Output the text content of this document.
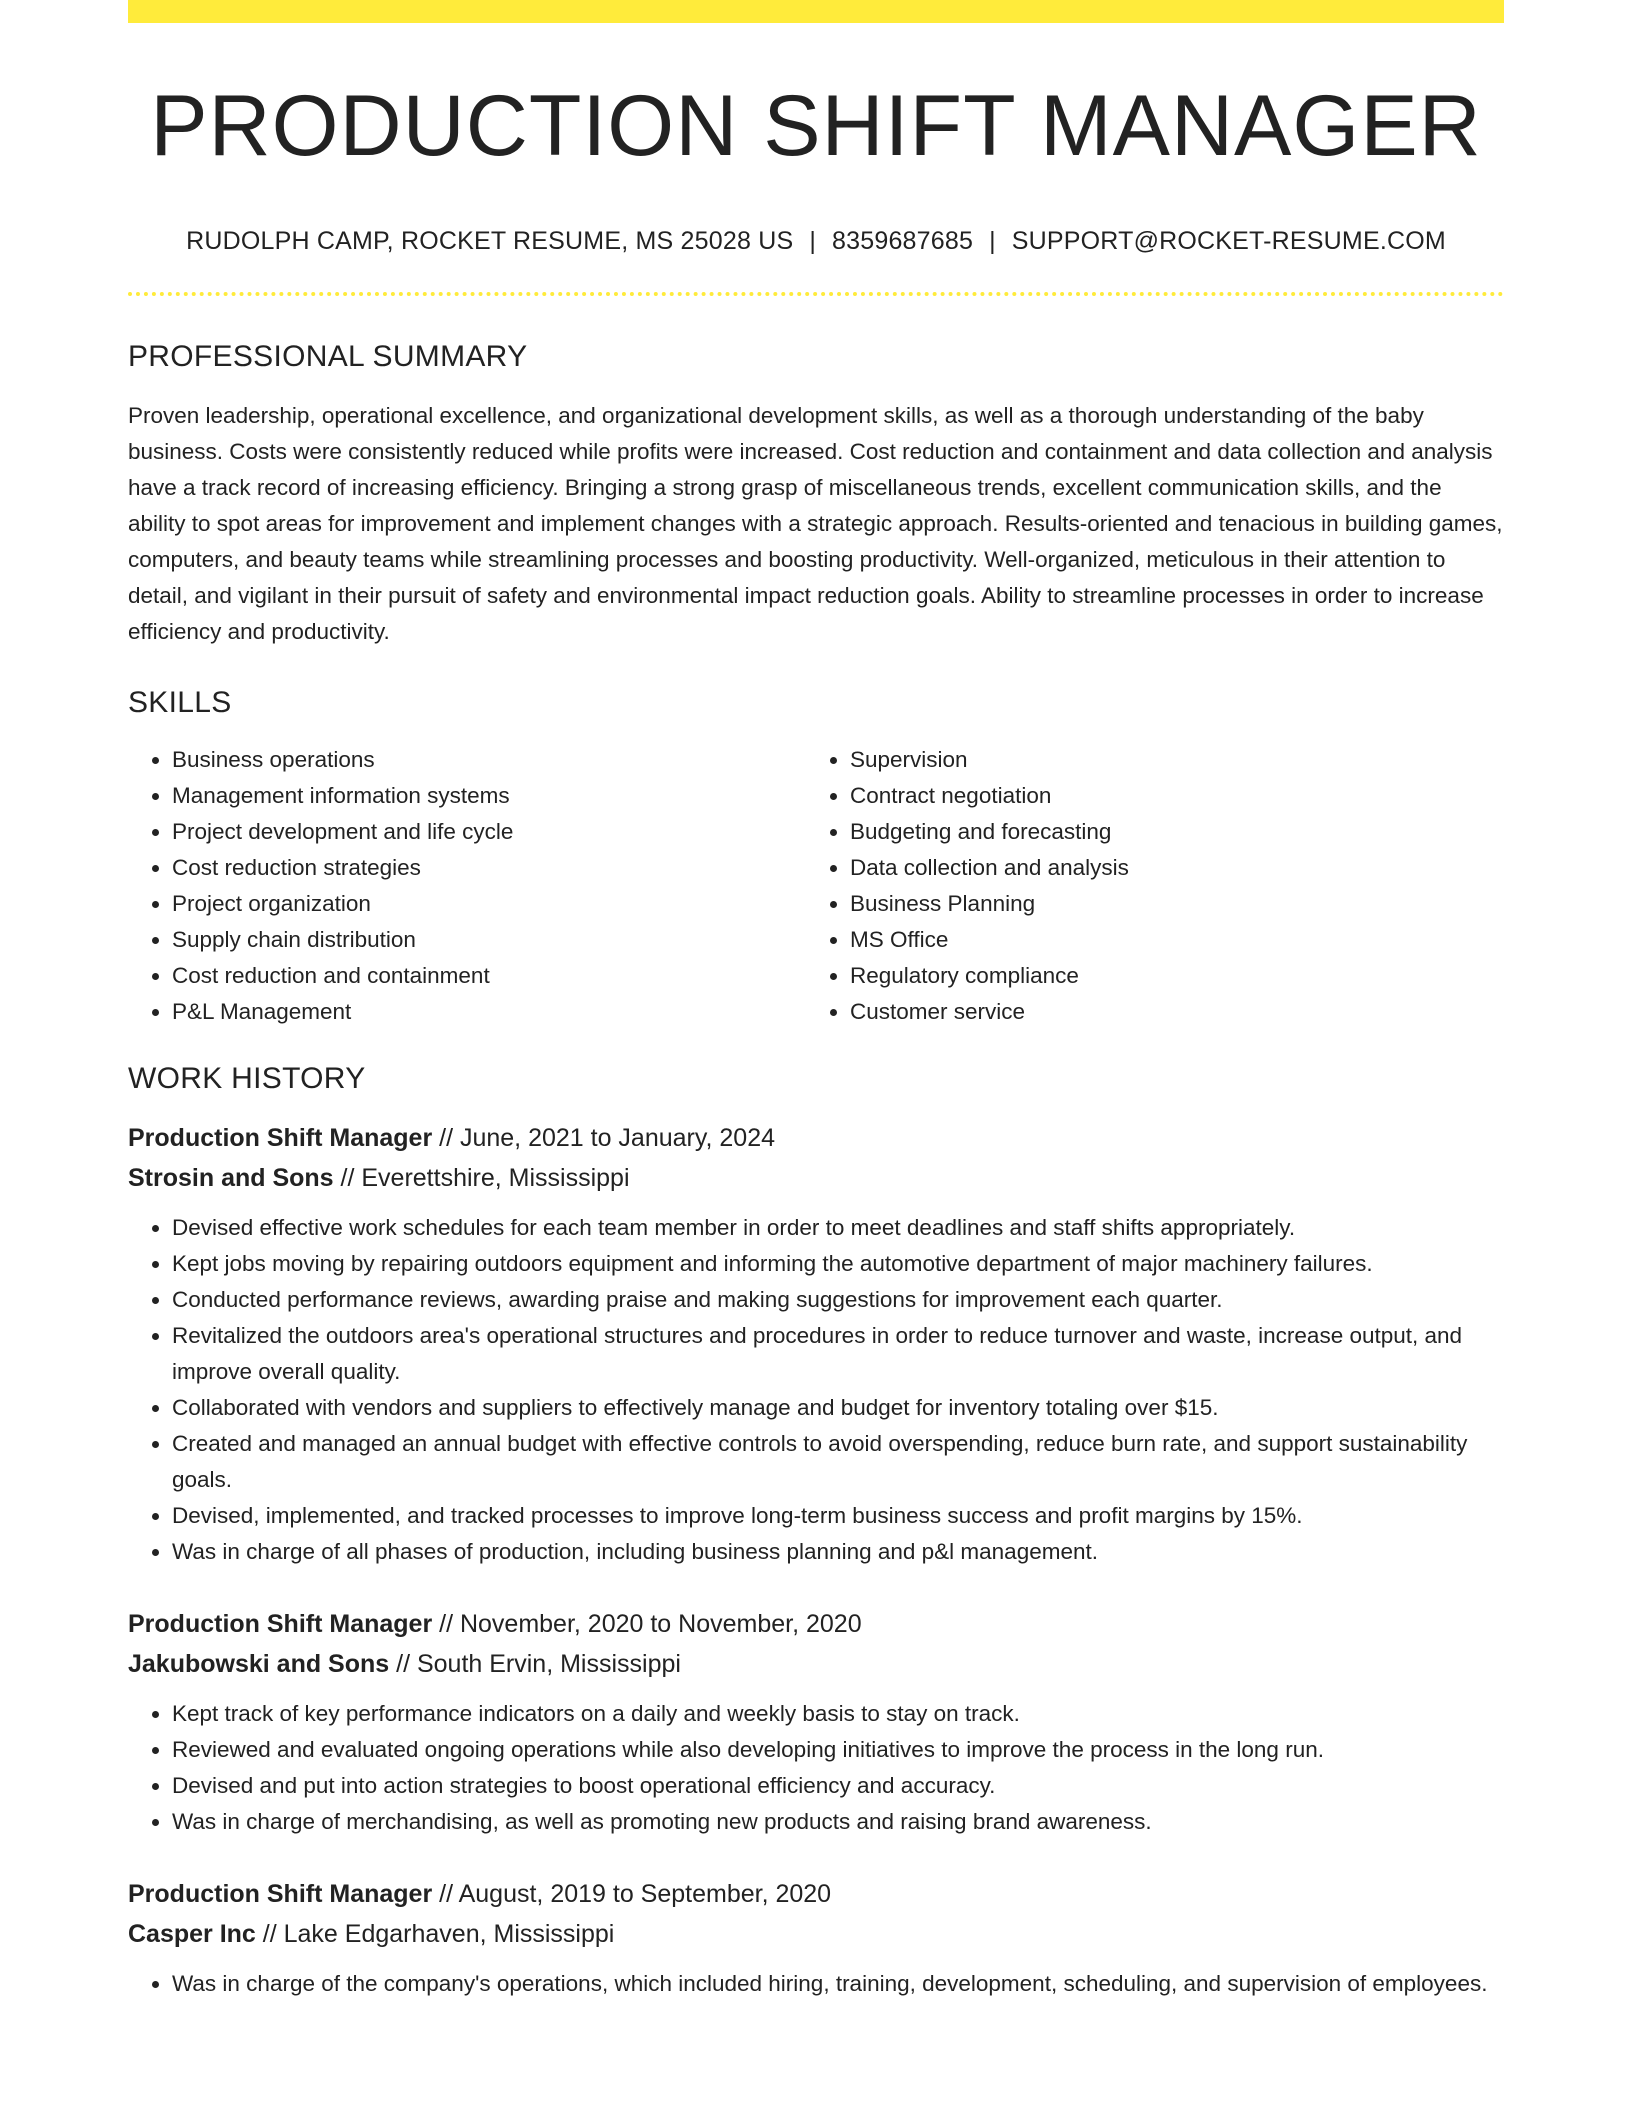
PRODUCTION SHIFT MANAGER
RUDOLPH CAMP, ROCKET RESUME, MS 25028 US | 8359687685 | SUPPORT@ROCKET-RESUME.COM
PROFESSIONAL SUMMARY

Proven leadership, operational excellence, and organizational development skills, as well as a thorough understanding of the baby business. Costs were consistently reduced while profits were increased. Cost reduction and containment and data collection and analysis have a track record of increasing efficiency. Bringing a strong grasp of miscellaneous trends, excellent communication skills, and the ability to spot areas for improvement and implement changes with a strategic approach. Results-oriented and tenacious in building games, computers, and beauty teams while streamlining processes and boosting productivity. Well-organized, meticulous in their attention to detail, and vigilant in their pursuit of safety and environmental impact reduction goals. Ability to streamline processes in order to increase efficiency and productivity.

SKILLS
• Business operations
• Management information systems
• Project development and life cycle
• Cost reduction strategies
• Project organization
• Supply chain distribution
• Cost reduction and containment
• P&L Management
• Supervision
• Contract negotiation
• Budgeting and forecasting
• Data collection and analysis
• Business Planning
• MS Office
• Regulatory compliance
• Customer service
WORK HISTORY
Production Shift Manager // June, 2021 to January, 2024
Strosin and Sons // Everettshire, Mississippi
• Devised effective work schedules for each team member in order to meet deadlines and staff shifts appropriately.
• Kept jobs moving by repairing outdoors equipment and informing the automotive department of major machinery failures.
• Conducted performance reviews, awarding praise and making suggestions for improvement each quarter.
• Revitalized the outdoors area's operational structures and procedures in order to reduce turnover and waste, increase output, and improve overall quality.
• Collaborated with vendors and suppliers to effectively manage and budget for inventory totaling over $15.
• Created and managed an annual budget with effective controls to avoid overspending, reduce burn rate, and support sustainability goals.
• Devised, implemented, and tracked processes to improve long-term business success and profit margins by 15%.
• Was in charge of all phases of production, including business planning and p&l management.
Production Shift Manager // November, 2020 to November, 2020
Jakubowski and Sons // South Ervin, Mississippi
• Kept track of key performance indicators on a daily and weekly basis to stay on track.
• Reviewed and evaluated ongoing operations while also developing initiatives to improve the process in the long run.
• Devised and put into action strategies to boost operational efficiency and accuracy.
• Was in charge of merchandising, as well as promoting new products and raising brand awareness.
Production Shift Manager // August, 2019 to September, 2020
Casper Inc // Lake Edgarhaven, Mississippi
• Was in charge of the company's operations, which included hiring, training, development, scheduling, and supervision of employees.
